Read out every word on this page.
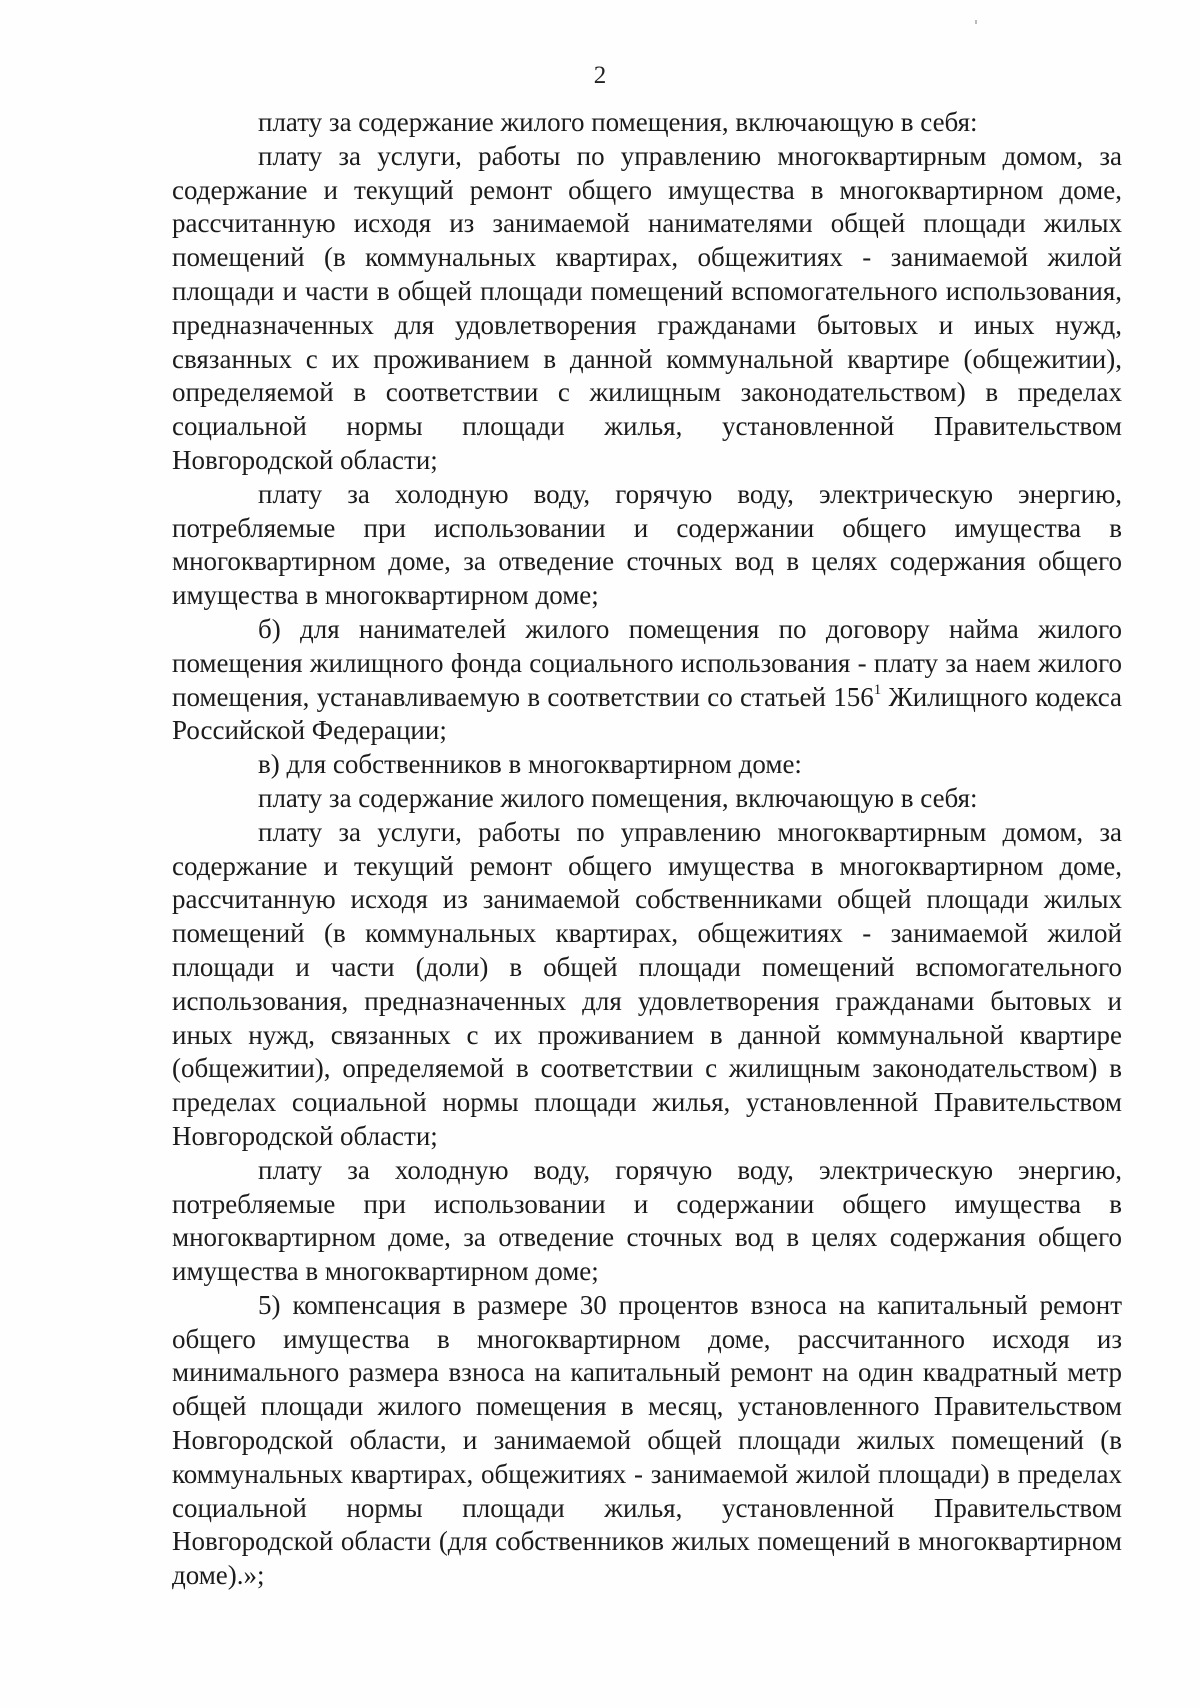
2

плату за содержание жилого помещения, включающую в себя:

плату за услуги, работы по управлению многоквартирным домом, за содержание и текущий ремонт общего имущества в многоквартирном доме, рассчитанную исходя из занимаемой нанимателями общей площади жилых помещений (в коммунальных квартирах, общежитиях - занимаемой жилой площади и части в общей площади помещений вспомогательного использования, предназначенных для удовлетворения гражданами бытовых и иных нужд, связанных с их проживанием в данной коммунальной квартире (общежитии), определяемой в соответствии с жилищным законодательством) в пределах социальной нормы площади жилья, установленной Правительством Новгородской области;

плату за холодную воду, горячую воду, электрическую энергию, потребляемые при использовании и содержании общего имущества в многоквартирном доме, за отведение сточных вод в целях содержания общего имущества в многоквартирном доме;

б) для нанимателей жилого помещения по договору найма жилого помещения жилищного фонда социального использования - плату за наем жилого помещения, устанавливаемую в соответствии со статьей $156^1$ Жилищного кодекса Российской Федерации;

в) для собственников в многоквартирном доме:

плату за содержание жилого помещения, включающую в себя:

плату за услуги, работы по управлению многоквартирным домом, за содержание и текущий ремонт общего имущества в многоквартирном доме, рассчитанную исходя из занимаемой собственниками общей площади жилых помещений (в коммунальных квартирах, общежитиях - занимаемой жилой площади и части (доли) в общей площади помещений вспомогательного использования, предназначенных для удовлетворения гражданами бытовых и иных нужд, связанных с их проживанием в данной коммунальной квартире (общежитии), определяемой в соответствии с жилищным законодательством) в пределах социальной нормы площади жилья, установленной Правительством Новгородской области;

плату за холодную воду, горячую воду, электрическую энергию, потребляемые при использовании и содержании общего имущества в многоквартирном доме, за отведение сточных вод в целях содержания общего имущества в многоквартирном доме;

5) компенсация в размере 30 процентов взноса на капитальный ремонт общего имущества в многоквартирном доме, рассчитанного исходя из минимального размера взноса на капитальный ремонт на один квадратный метр общей площади жилого помещения в месяц, установленного Правительством Новгородской области, и занимаемой общей площади жилых помещений (в коммунальных квартирах, общежитиях - занимаемой жилой площади) в пределах социальной нормы площади жилья, установленной Правительством Новгородской области (для собственников жилых помещений в многоквартирном доме).»;
